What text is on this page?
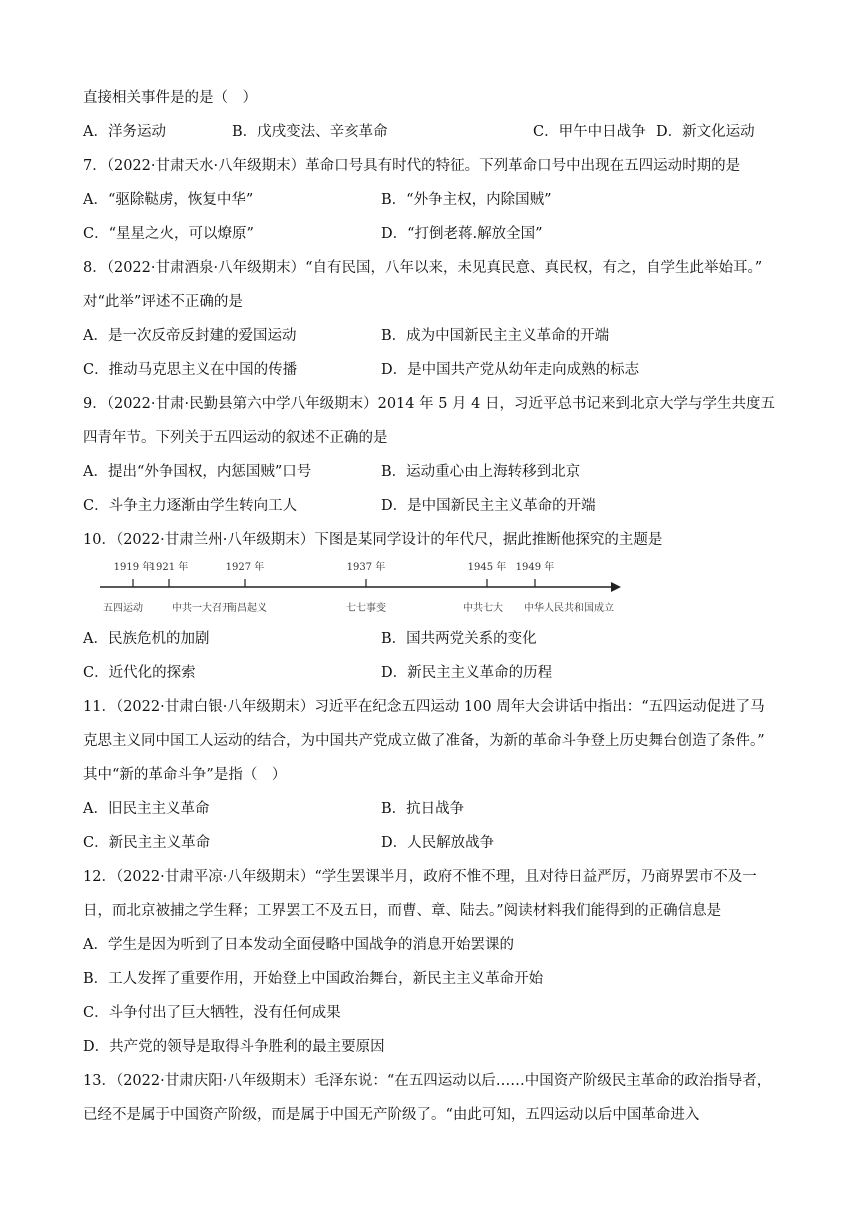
直接相关事件是的是（　）
A．洋务运动	B．戊戌变法、辛亥革命	C．甲午中日战争 D．新文化运动
7．（2022·甘肃天水·八年级期末）革命口号具有时代的特征。下列革命口号中出现在五四运动时期的是
A．“驱除鞑虏，恢复中华”	B．“外争主权，内除国贼”
C．“星星之火，可以燎原”	D．“打倒老蒋.解放全国”
8．（2022·甘肃酒泉·八年级期末）“自有民国，八年以来，未见真民意、真民权，有之，自学生此举始耳。”
对“此举”评述不正确的是
A．是一次反帝反封建的爱国运动	B．成为中国新民主主义革命的开端
C．推动马克思主义在中国的传播	D．是中国共产党从幼年走向成熟的标志
9．（2022·甘肃·民勤县第六中学八年级期末）2014 年 5 月 4 日，习近平总书记来到北京大学与学生共度五
四青年节。下列关于五四运动的叙述不正确的是
A．提出“外争国权，内惩国贼”口号	B．运动重心由上海转移到北京
C．斗争主力逐渐由学生转向工人	D．是中国新民主主义革命的开端
10．（2022·甘肃兰州·八年级期末）下图是某同学设计的年代尺，据此推断他探究的主题是
1919 年
五四运动
1921 年
中共一大召开
1927 年
南昌起义
1937 年
七七事变
1945 年
中共七大
1949 年
中华人民共和国成立
A．民族危机的加剧	B．国共两党关系的变化
C．近代化的探索	D．新民主主义革命的历程
11．（2022·甘肃白银·八年级期末）习近平在纪念五四运动 100 周年大会讲话中指出：“五四运动促进了马
克思主义同中国工人运动的结合，为中国共产党成立做了准备，为新的革命斗争登上历史舞台创造了条件。”
其中“新的革命斗争”是指（　）
A．旧民主主义革命	B．抗日战争
C．新民主主义革命	D．人民解放战争
12．（2022·甘肃平凉·八年级期末）“学生罢课半月，政府不惟不理，且对待日益严厉，乃商界罢市不及一
日，而北京被捕之学生释；工界罢工不及五日，而曹、章、陆去。”阅读材料我们能得到的正确信息是
A．学生是因为听到了日本发动全面侵略中国战争的消息开始罢课的
B．工人发挥了重要作用，开始登上中国政治舞台，新民主主义革命开始
C．斗争付出了巨大牺牲，没有任何成果
D．共产党的领导是取得斗争胜利的最主要原因
13．（2022·甘肃庆阳·八年级期末）毛泽东说：“在五四运动以后……中国资产阶级民主革命的政治指导者，
已经不是属于中国资产阶级，而是属于中国无产阶级了。“由此可知，五四运动以后中国革命进入
